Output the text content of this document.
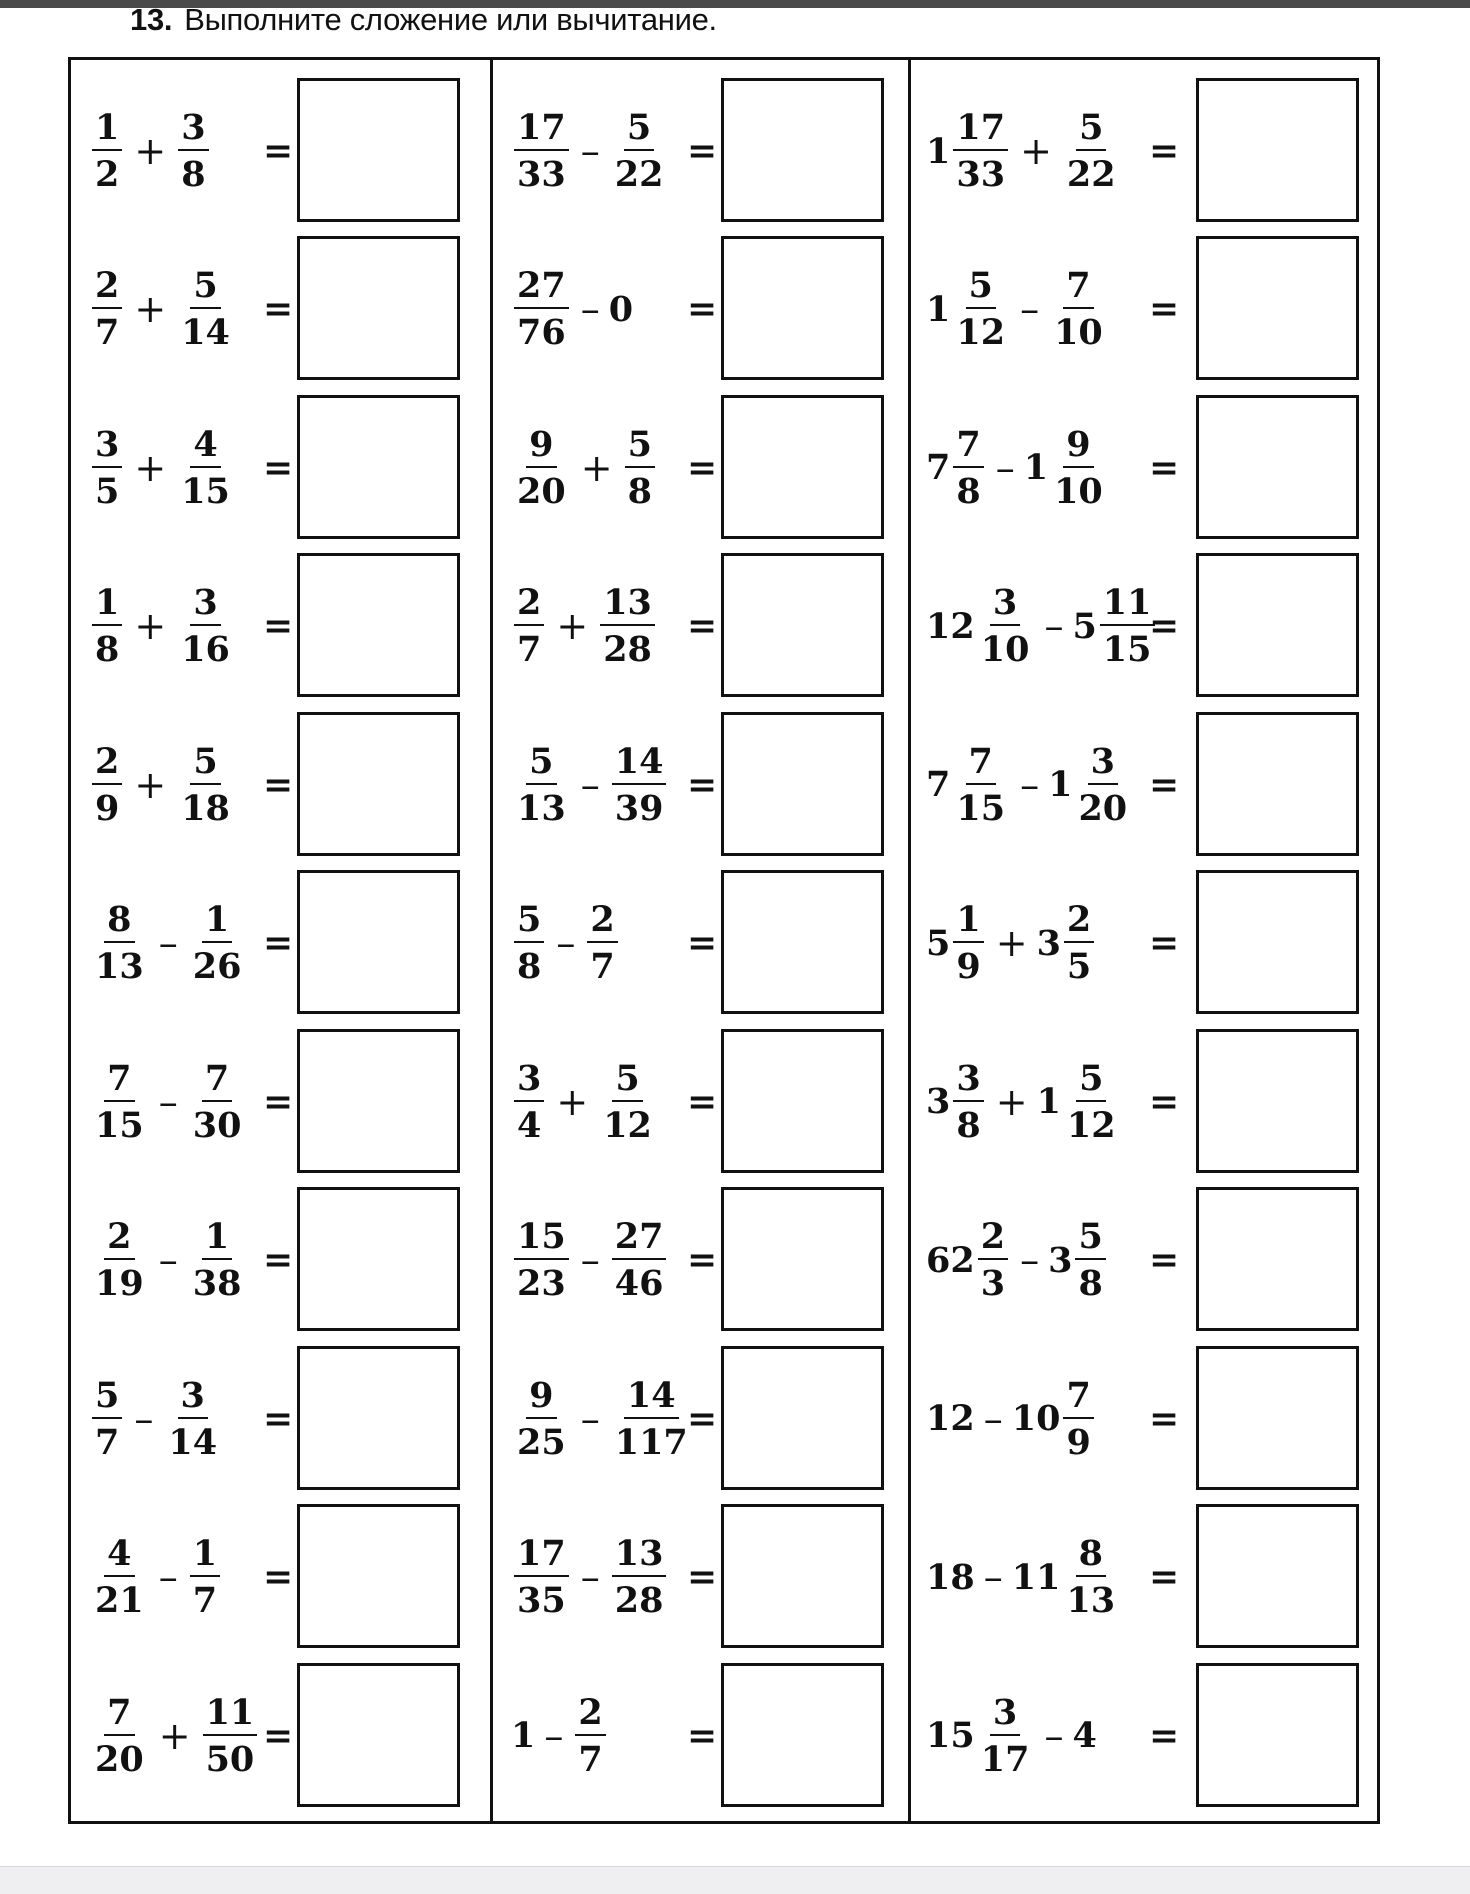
13. Выполните сложение или вычитание.
$\frac{1}{2} + \frac{3}{8}$ =
$\frac{2}{7} + \frac{5}{14}$ =
$\frac{3}{5} + \frac{4}{15}$ =
$\frac{1}{8} + \frac{3}{16}$ =
$\frac{2}{9} + \frac{5}{18}$ =
$\frac{8}{13} - \frac{1}{26}$ =
$\frac{7}{15} - \frac{7}{30}$ =
$\frac{2}{19} - \frac{1}{38}$ =
$\frac{5}{7} - \frac{3}{14}$ =
$\frac{4}{21} - \frac{1}{7}$ =
$\frac{7}{20} + \frac{11}{50}$ =
$\frac{17}{33} - \frac{5}{22}$ =
$\frac{27}{76} - 0$ =
$\frac{9}{20} + \frac{5}{8}$ =
$\frac{2}{7} + \frac{13}{28}$ =
$\frac{5}{13} - \frac{14}{39}$ =
$\frac{5}{8} - \frac{2}{7}$ =
$\frac{3}{4} + \frac{5}{12}$ =
$\frac{15}{23} - \frac{27}{46}$ =
$\frac{9}{25} - \frac{14}{117}$
=
$\frac{17}{35} - \frac{13}{28}$ =
$1 - \frac{2}{7}$ =
$1 \frac{17}{33} + \frac{5}{22}$ =
$1 \frac{5}{12} - \frac{7}{10}$ =
$7 \frac{7}{8} - 1 \frac{9}{10}$ =
$12 \frac{3}{10} - 5 \frac{11}{15}$
=
$7 \frac{7}{15} - 1 \frac{3}{20}$ =
$5 \frac{1}{9} + 3 \frac{2}{5}$ =
$3 \frac{3}{8} + 1 \frac{5}{12}$ =
$62 \frac{2}{3} - 3 \frac{5}{8}$ =
$12 - 10 \frac{7}{9}$ =
$18 - 11 \frac{8}{13}$ =
$15 \frac{3}{17} - 4$ =
